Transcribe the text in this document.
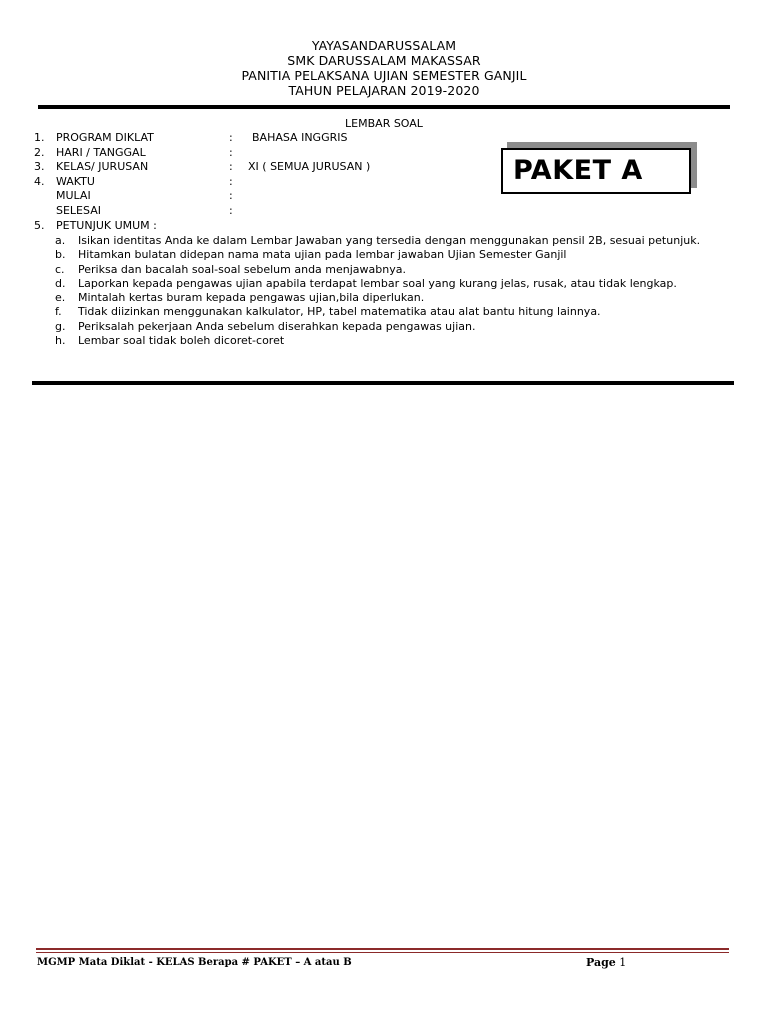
YAYASANDARUSSALAM
SMK DARUSSALAM MAKASSAR
PANITIA PELAKSANA UJIAN SEMESTER GANJIL
TAHUN PELAJARAN 2019-2020
LEMBAR SOAL
1.	PROGRAM DIKLAT	: BAHASA INGGRIS
2.	HARI / TANGGAL	:
3.	KELAS/ JURUSAN	: XI ( SEMUA JURUSAN )
4.	WAKTU	:
MULAI	:
SELESAI	:
5.	PETUNJUK UMUM :
PAKET A
a. Isikan identitas Anda ke dalam Lembar Jawaban yang tersedia dengan menggunakan pensil 2B, sesuai petunjuk.
b. Hitamkan bulatan didepan nama mata ujian pada lembar jawaban Ujian Semester Ganjil
c. Periksa dan bacalah soal-soal sebelum anda menjawabnya.
d. Laporkan kepada pengawas ujian apabila terdapat lembar soal yang kurang jelas, rusak, atau tidak lengkap.
e. Mintalah kertas buram kepada pengawas ujian,bila diperlukan.
f. Tidak diizinkan menggunakan kalkulator, HP, tabel matematika atau alat bantu hitung lainnya.
g. Periksalah pekerjaan Anda sebelum diserahkan kepada pengawas ujian.
h. Lembar soal tidak boleh dicoret-coret
MGMP Mata Diklat - KELAS Berapa # PAKET – A atau B	Page 1
